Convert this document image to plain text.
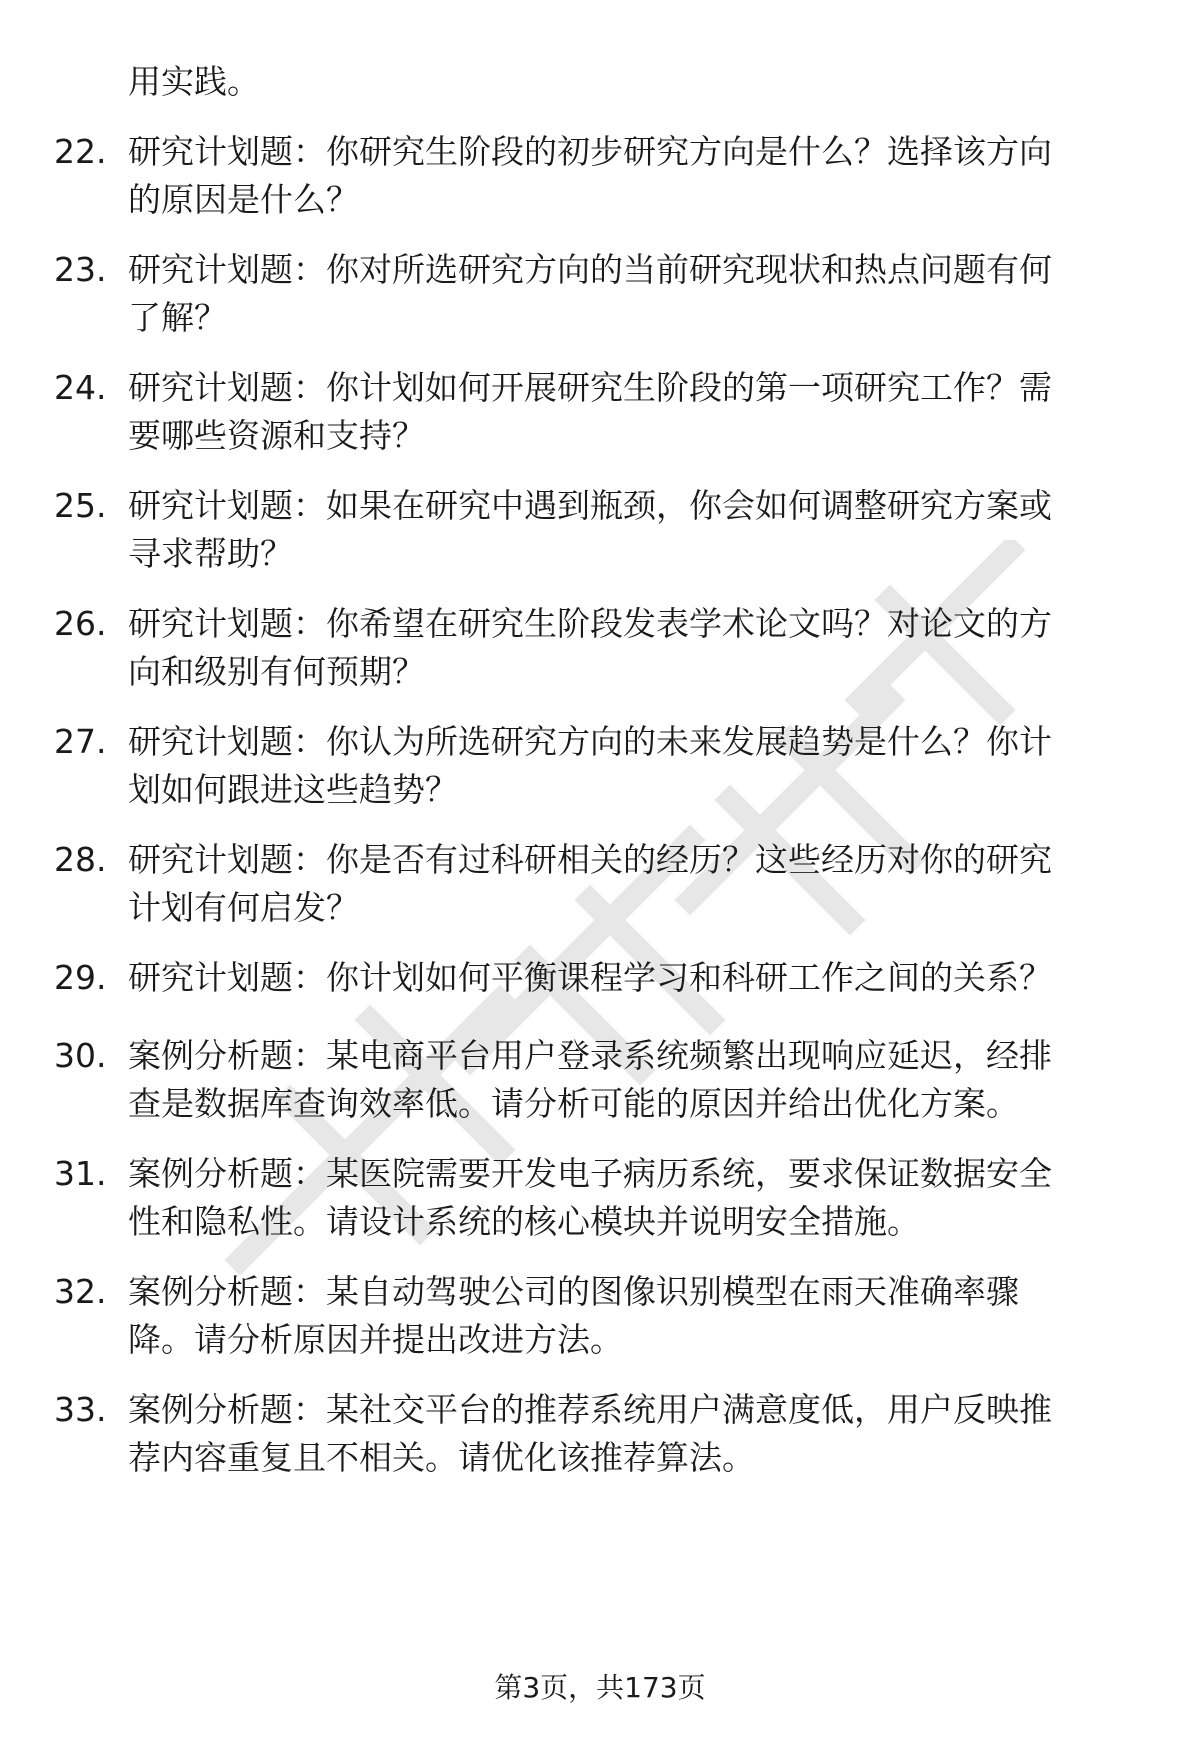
用实践。

22. 研究计划题：你研究生阶段的初步研究方向是什么？选择该方向
的原因是什么？
23. 研究计划题：你对所选研究方向的当前研究现状和热点问题有何
了解？
24. 研究计划题：你计划如何开展研究生阶段的第一项研究工作？需
要哪些资源和支持？
25. 研究计划题：如果在研究中遇到瓶颈，你会如何调整研究方案或
寻求帮助？
26. 研究计划题：你希望在研究生阶段发表学术论文吗？对论文的方
向和级别有何预期？
27. 研究计划题：你认为所选研究方向的未来发展趋势是什么？你计
划如何跟进这些趋势？
28. 研究计划题：你是否有过科研相关的经历？这些经历对你的研究
计划有何启发？
29. 研究计划题：你计划如何平衡课程学习和科研工作之间的关系？
30. 案例分析题：某电商平台用户登录系统频繁出现响应延迟，经排
查是数据库查询效率低。请分析可能的原因并给出优化方案。
31. 案例分析题：某医院需要开发电子病历系统，要求保证数据安全
性和隐私性。请设计系统的核心模块并说明安全措施。
32. 案例分析题：某自动驾驶公司的图像识别模型在雨天准确率骤
降。请分析原因并提出改进方法。
33. 案例分析题：某社交平台的推荐系统用户满意度低，用户反映推
荐内容重复且不相关。请优化该推荐算法。
第3页，共173页
